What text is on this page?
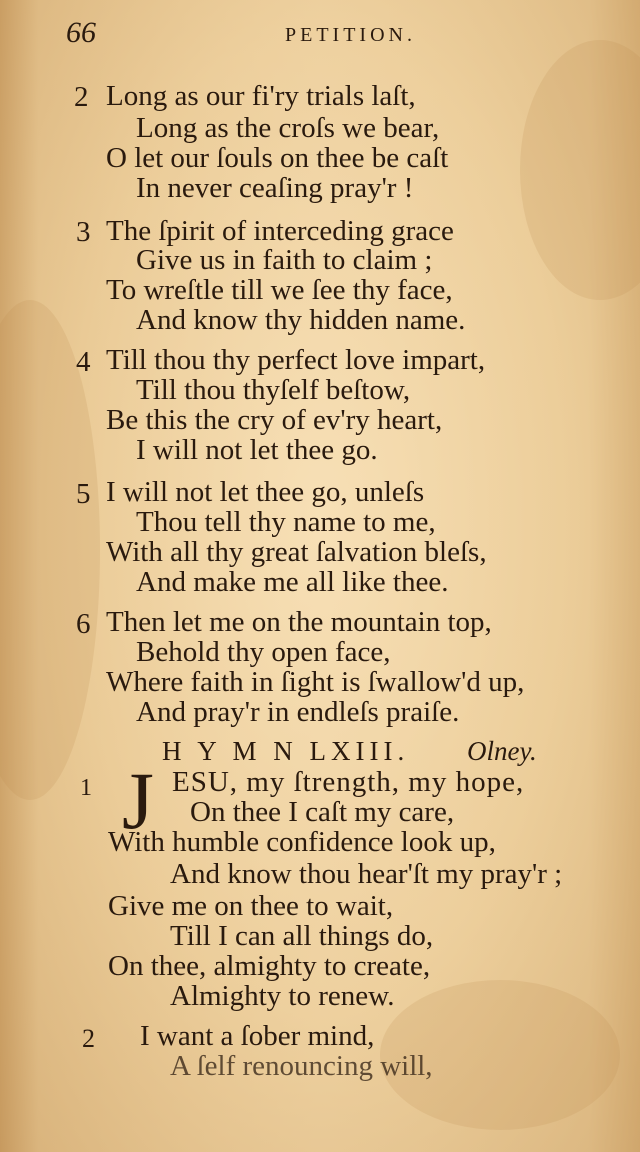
66	PETITION.
2 Long as our fi'ry trials laſt,
Long as the croſs we bear,
O let our ſouls on thee be caſt
In never ceaſing pray'r !
3 The ſpirit of interceding grace
Give us in faith to claim ;
To wreſtle till we ſee thy face,
And know thy hidden name.
4 Till thou thy perfect love impart,
Till thou thyſelf beſtow,
Be this the cry of ev'ry heart,
I will not let thee go.
5 I will not let thee go, unleſs
Thou tell thy name to me,
With all thy great ſalvation bleſs,
And make me all like thee.
6 Then let me on the mountain top,
Behold thy open face,
Where faith in ſight is ſwallow'd up,
And pray'r in endleſs praiſe.
H Y M N LXIII. Olney.
1 J ESU, my ſtrength, my hope,
On thee I caſt my care,
With humble confidence look up,
And know thou hear'ſt my pray'r ;
Give me on thee to wait,
Till I can all things do,
On thee, almighty to create,
Almighty to renew.
2 I want a ſober mind,
A ſelf renouncing will,
